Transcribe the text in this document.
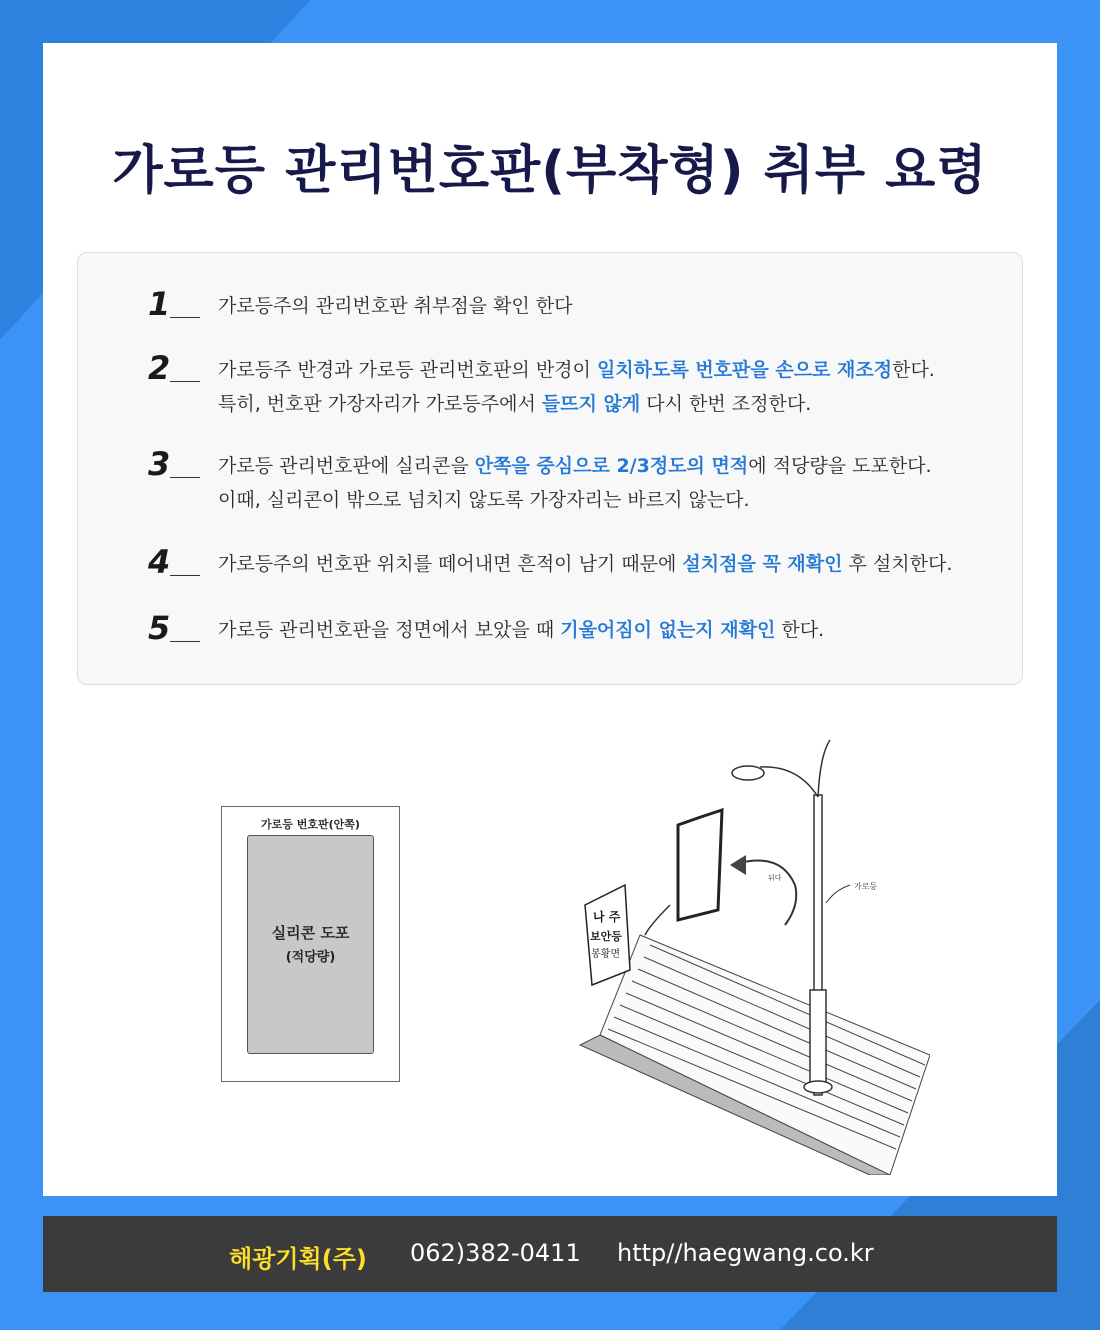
가로등 관리번호판(부착형) 취부 요령
1	가로등주의 관리번호판 취부점을 확인 한다
2	가로등주 반경과 가로등 관리번호판의 반경이 일치하도록 번호판을 손으로 재조정한다.
특히, 번호판 가장자리가 가로등주에서 들뜨지 않게 다시 한번 조정한다.
3	가로등 관리번호판에 실리콘을 안쪽을 중심으로 2/3정도의 면적에 적당량을 도포한다.
이때, 실리콘이 밖으로 넘치지 않도록 가장자리는 바르지 않는다.
4	가로등주의 번호판 위치를 떼어내면 흔적이 남기 때문에 설치점을 꼭 재확인 후 설치한다.
5	가로등 관리번호판을 정면에서 보았을 때 기울어짐이 없는지 재확인 한다.
가로등 번호판(안쪽)
실리콘 도포
(적당량)
가로등
뒤다
나 주
보안등
봉황면
해광기획(주) 062)382-0411 http//haegwang.co.kr
